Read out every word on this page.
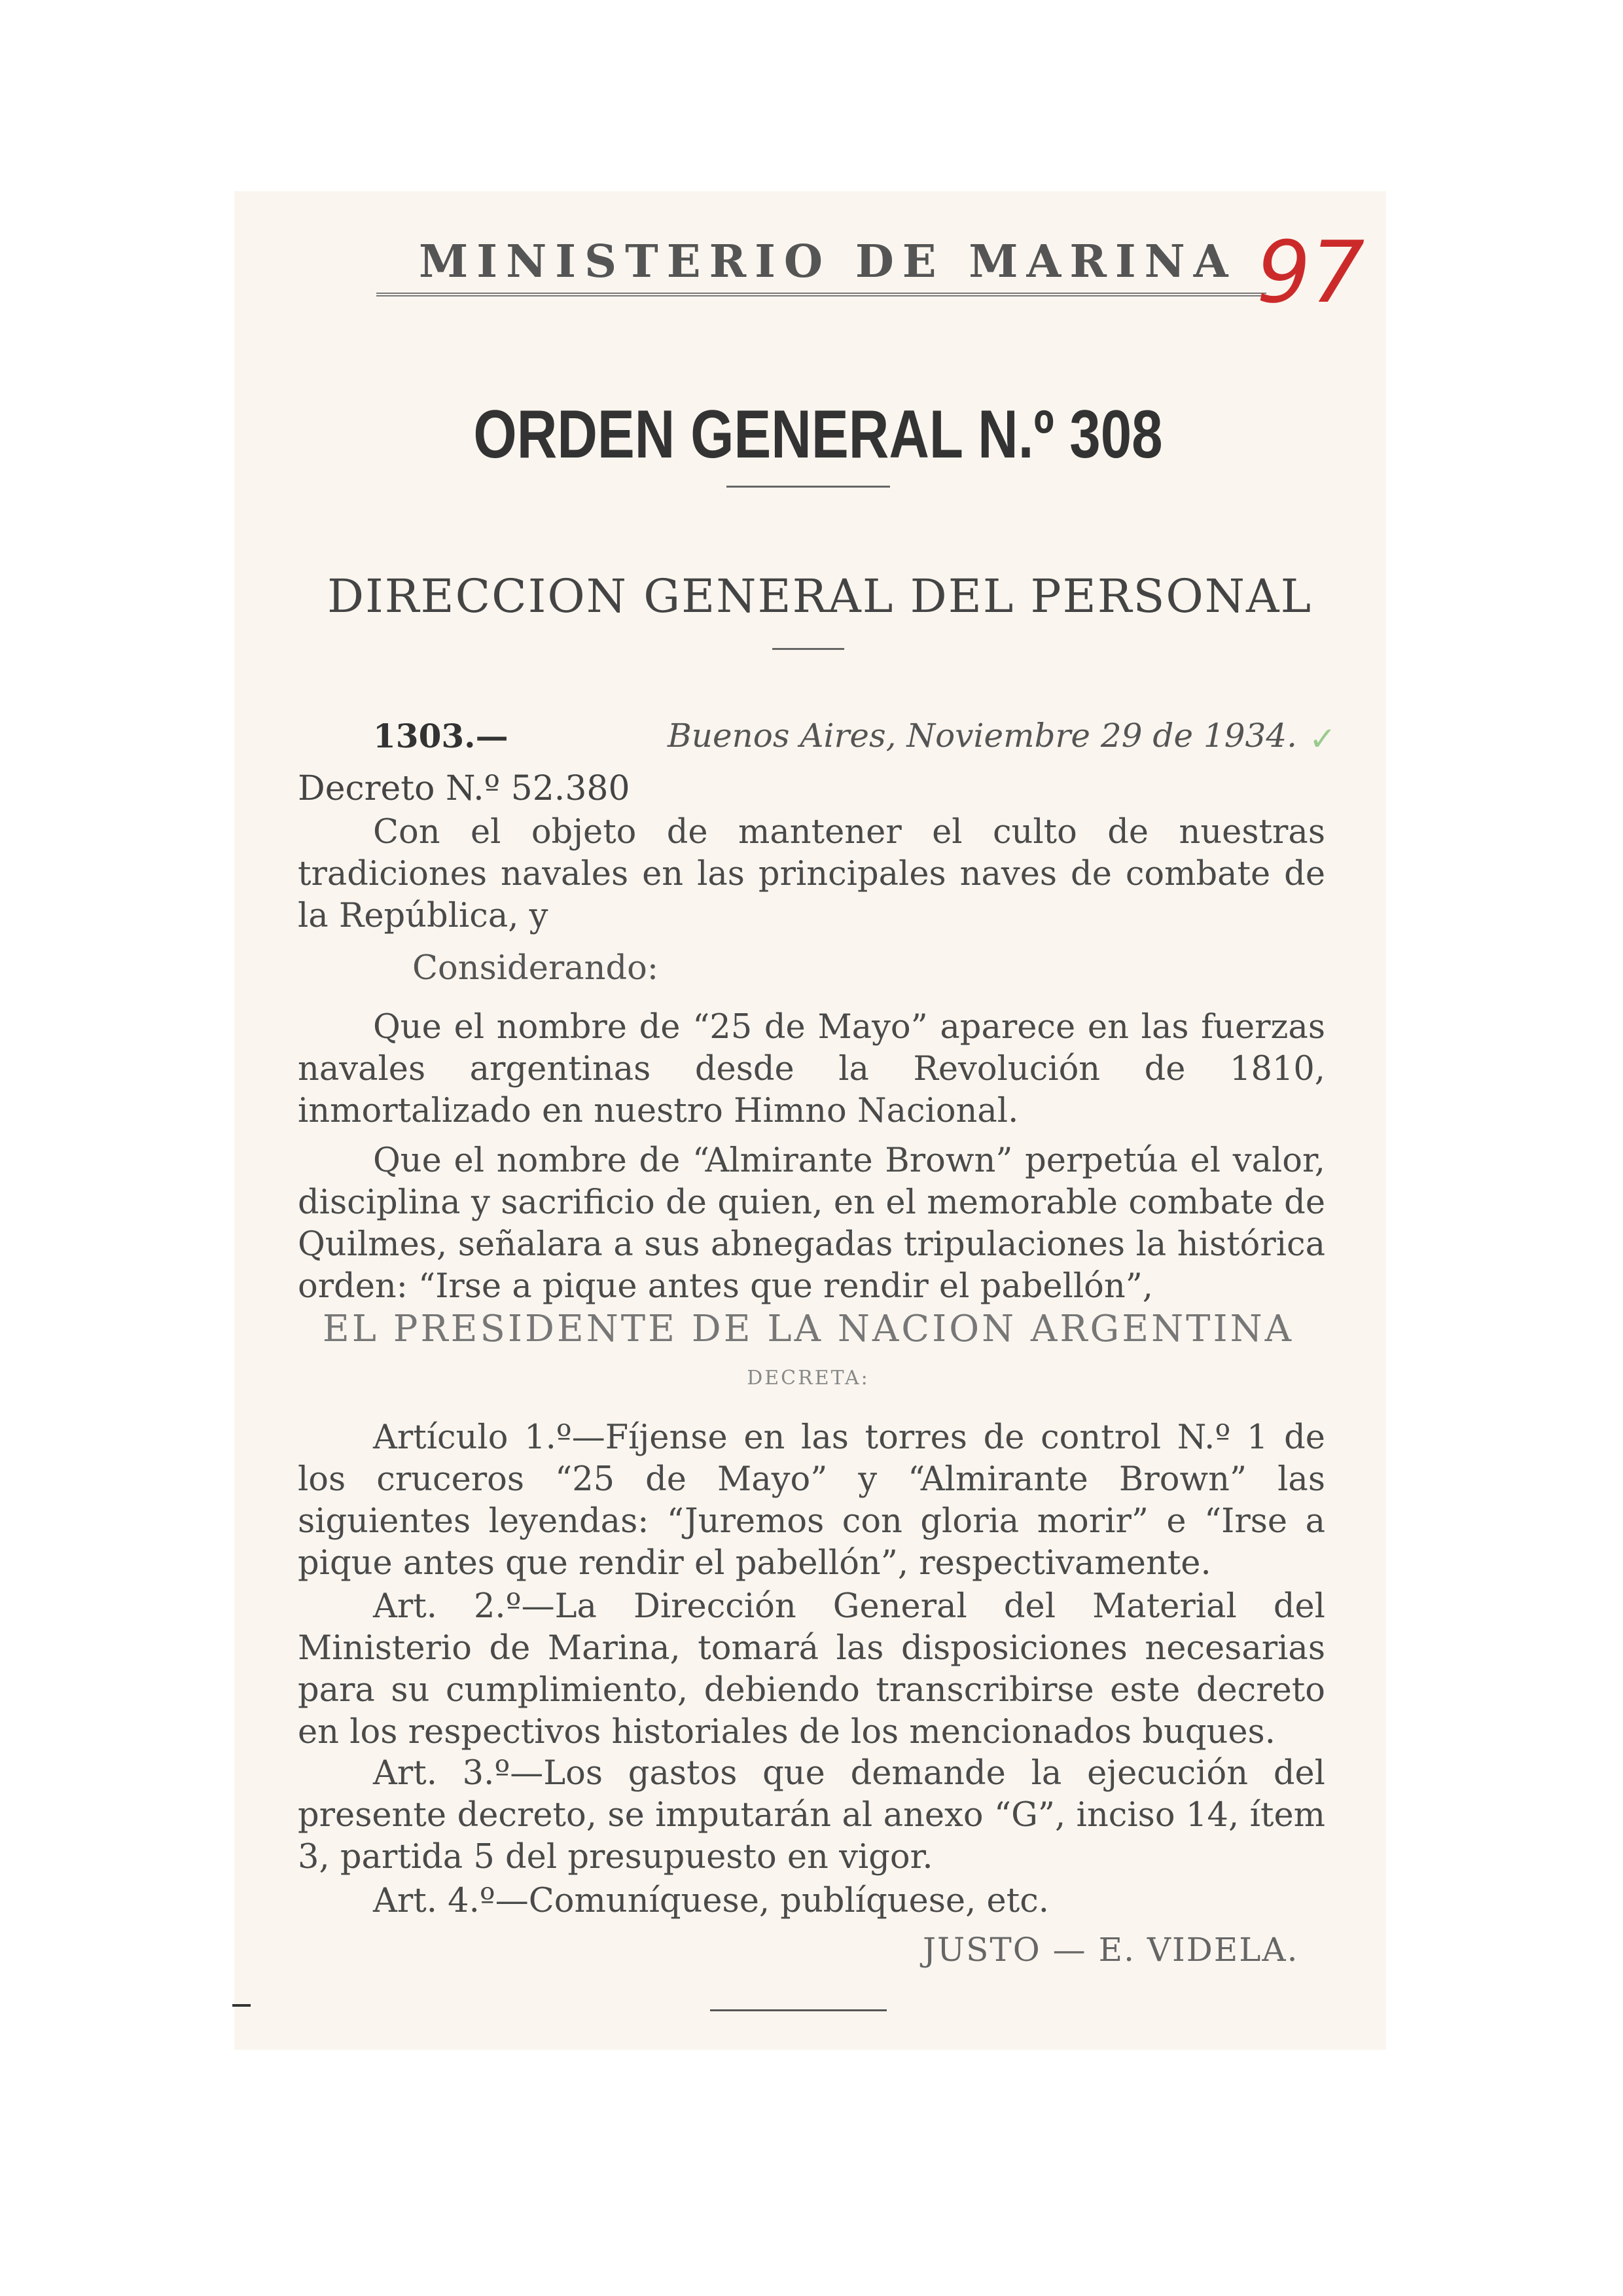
MINISTERIO DE MARINA 97
ORDEN GENERAL N.º 308
DIRECCION GENERAL DEL PERSONAL
1303.—	Buenos Aires, Noviembre 29 de 1934. ✓
Decreto N.º 52.380

Con el objeto de mantener el culto de nuestras tradiciones navales en las principales naves de combate de la República, y

Considerando:

Que el nombre de “25 de Mayo” aparece en las fuerzas navales argentinas desde la Revolución de 1810, inmortalizado en nuestro Himno Nacional.

Que el nombre de “Almirante Brown” perpetúa el valor, disciplina y sacrificio de quien, en el memorable combate de Quilmes, señalara a sus abnegadas tripulaciones la histórica orden: “Irse a pique antes que rendir el pabellón”,

EL PRESIDENTE DE LA NACION ARGENTINA
DECRETA:

Artículo 1.º—Fíjense en las torres de control N.º 1 de los cruceros “25 de Mayo” y “Almirante Brown” las siguientes leyendas: “Juremos con gloria morir” e “Irse a pique antes que rendir el pabellón”, respectivamente.

Art. 2.º—La Dirección General del Material del Ministerio de Marina, tomará las disposiciones necesarias para su cumplimiento, debiendo transcribirse este decreto en los respectivos historiales de los mencionados buques.

Art. 3.º—Los gastos que demande la ejecución del presente decreto, se imputarán al anexo “G”, inciso 14, ítem 3, partida 5 del presupuesto en vigor.

Art. 4.º—Comuníquese, publíquese, etc.

JUSTO — E. VIDELA.
